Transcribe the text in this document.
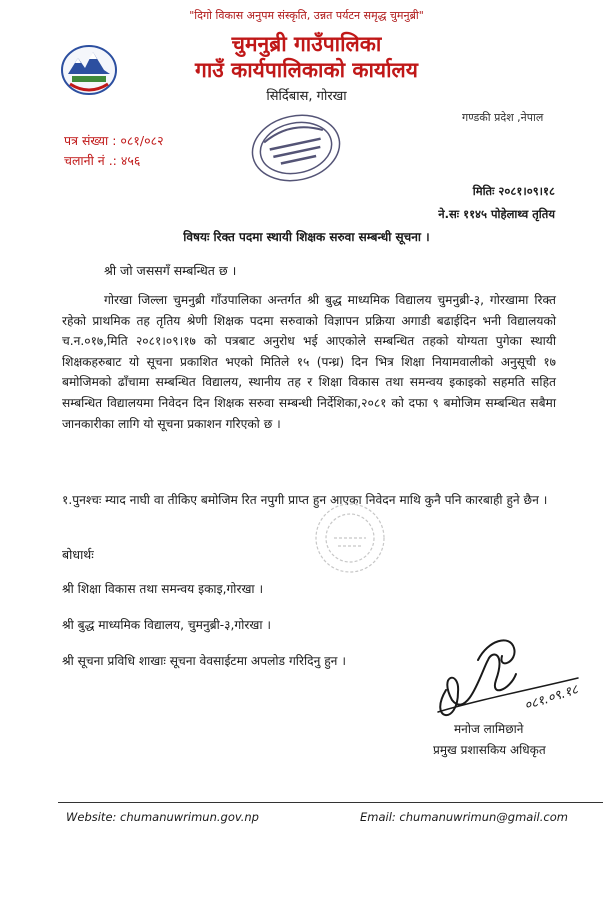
"दिगो विकास अनुपम संस्कृति, उन्नत पर्यटन समृद्ध चुमनुब्री"
चुमनुब्री गाउँपालिका
गाउँ कार्यपालिकाको कार्यालय
सिर्दिबास, गोरखा
गण्डकी प्रदेश ,नेपाल
पत्र संख्या : ०८१/०८२
चलानी नं .: ४५६
मितिः २०८१।०९।१८
ने.सः ११४५ पोहेलाथ्व तृतिय
विषयः रिक्त पदमा स्थायी शिक्षक सरुवा सम्बन्धी सूचना ।
श्री जो जससगँ सम्बन्धित छ ।
गोरखा जिल्ला चुमनुब्री गाँउपालिका अन्तर्गत श्री बुद्ध माध्यमिक विद्यालय चुमनुब्री-३, गोरखामा रिक्त रहेको प्राथमिक तह तृतिय श्रेणी शिक्षक पदमा सरुवाको विज्ञापन प्रक्रिया अगाडी बढाईदिन भनी विद्यालयको च.न.०१७,मिति २०८१।०९।१७ को पत्रबाट अनुरोध भई आएकोले सम्बन्धित तहको योग्यता पुगेका स्थायी शिक्षकहरुबाट यो सूचना प्रकाशित भएको मितिले १५ (पन्ध्र) दिन भित्र शिक्षा नियामवालीको अनुसूची १७ बमोजिमको ढाँचामा सम्बन्धित विद्यालय, स्थानीय तह र शिक्षा विकास तथा समन्वय इकाइको सहमति सहित सम्बन्धित विद्यालयमा निवेदन दिन शिक्षक सरुवा सम्बन्धी निर्देशिका,२०८१ को दफा ९ बमोजिम सम्बन्धित सबैमा जानकारीका लागि यो सूचना प्रकाशन गरिएको छ ।
१.पुनश्चः म्याद नाघी वा तीकिए बमोजिम रित नपुगी प्राप्त हुन आएका निवेदन माथि कुनै पनि कारबाही हुने छैन ।
बोधार्थः
श्री शिक्षा विकास तथा समन्वय इकाइ,गोरखा ।
श्री बुद्ध माध्यमिक विद्यालय, चुमनुब्री-३,गोरखा ।
श्री सूचना प्रविधि शाखाः सूचना वेवसाईटमा अपलोड गरिदिनु हुन ।
०८१.०९.१८
मनोज लामिछाने
प्रमुख प्रशासकिय अधिकृत
Website: chumanuwrimun.gov.np	Email: chumanuwrimun@gmail.com
